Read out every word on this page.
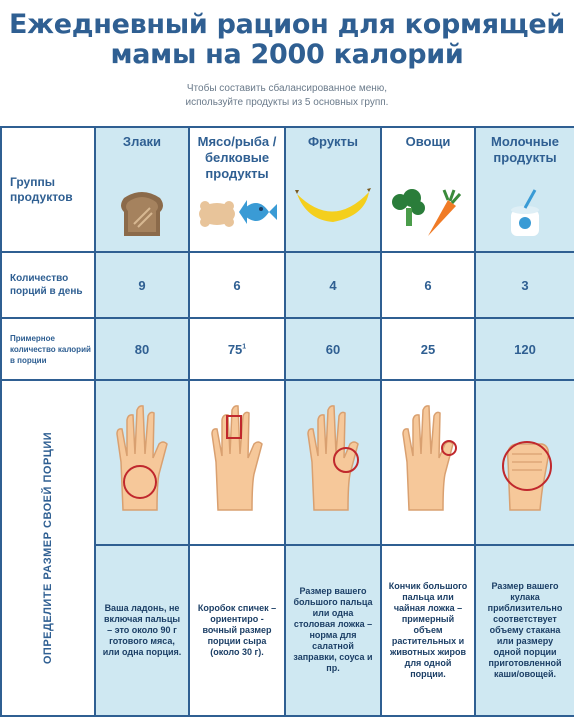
Ежедневный рацион для кормящей
мамы на 2000 калорий
Чтобы составить сбалансированное меню,
используйте продукты из 5 основных групп.
Группы продуктов	Злаки	Мясо/рыба /белковые продукты	Фрукты	Овощи	Молочные продукты

Количество порций в день	9	6	4	6	3
Примерное количество калорий в порции	80	$75^1$	60	25	120

ОПРЕДЕЛИТЕ РАЗМЕР СВОЕЙ ПОРЦИИ

	Ваша ладонь, не включая пальцы – это около 90 г готового мяса, или одна порция.	Коробок спичек – ориентиро - вочный размер порции сыра (около 30 г).	Размер вашего большого пальца или одна столовая ложка – норма для салатной заправки, соуса и пр.	Кончик большого пальца или чайная ложка – примерный объем растительных и животных жиров для одной порции.	Размер вашего кулака приблизительно соответствует объему стакана или размеру одной порции приготовленной каши/овощей.
